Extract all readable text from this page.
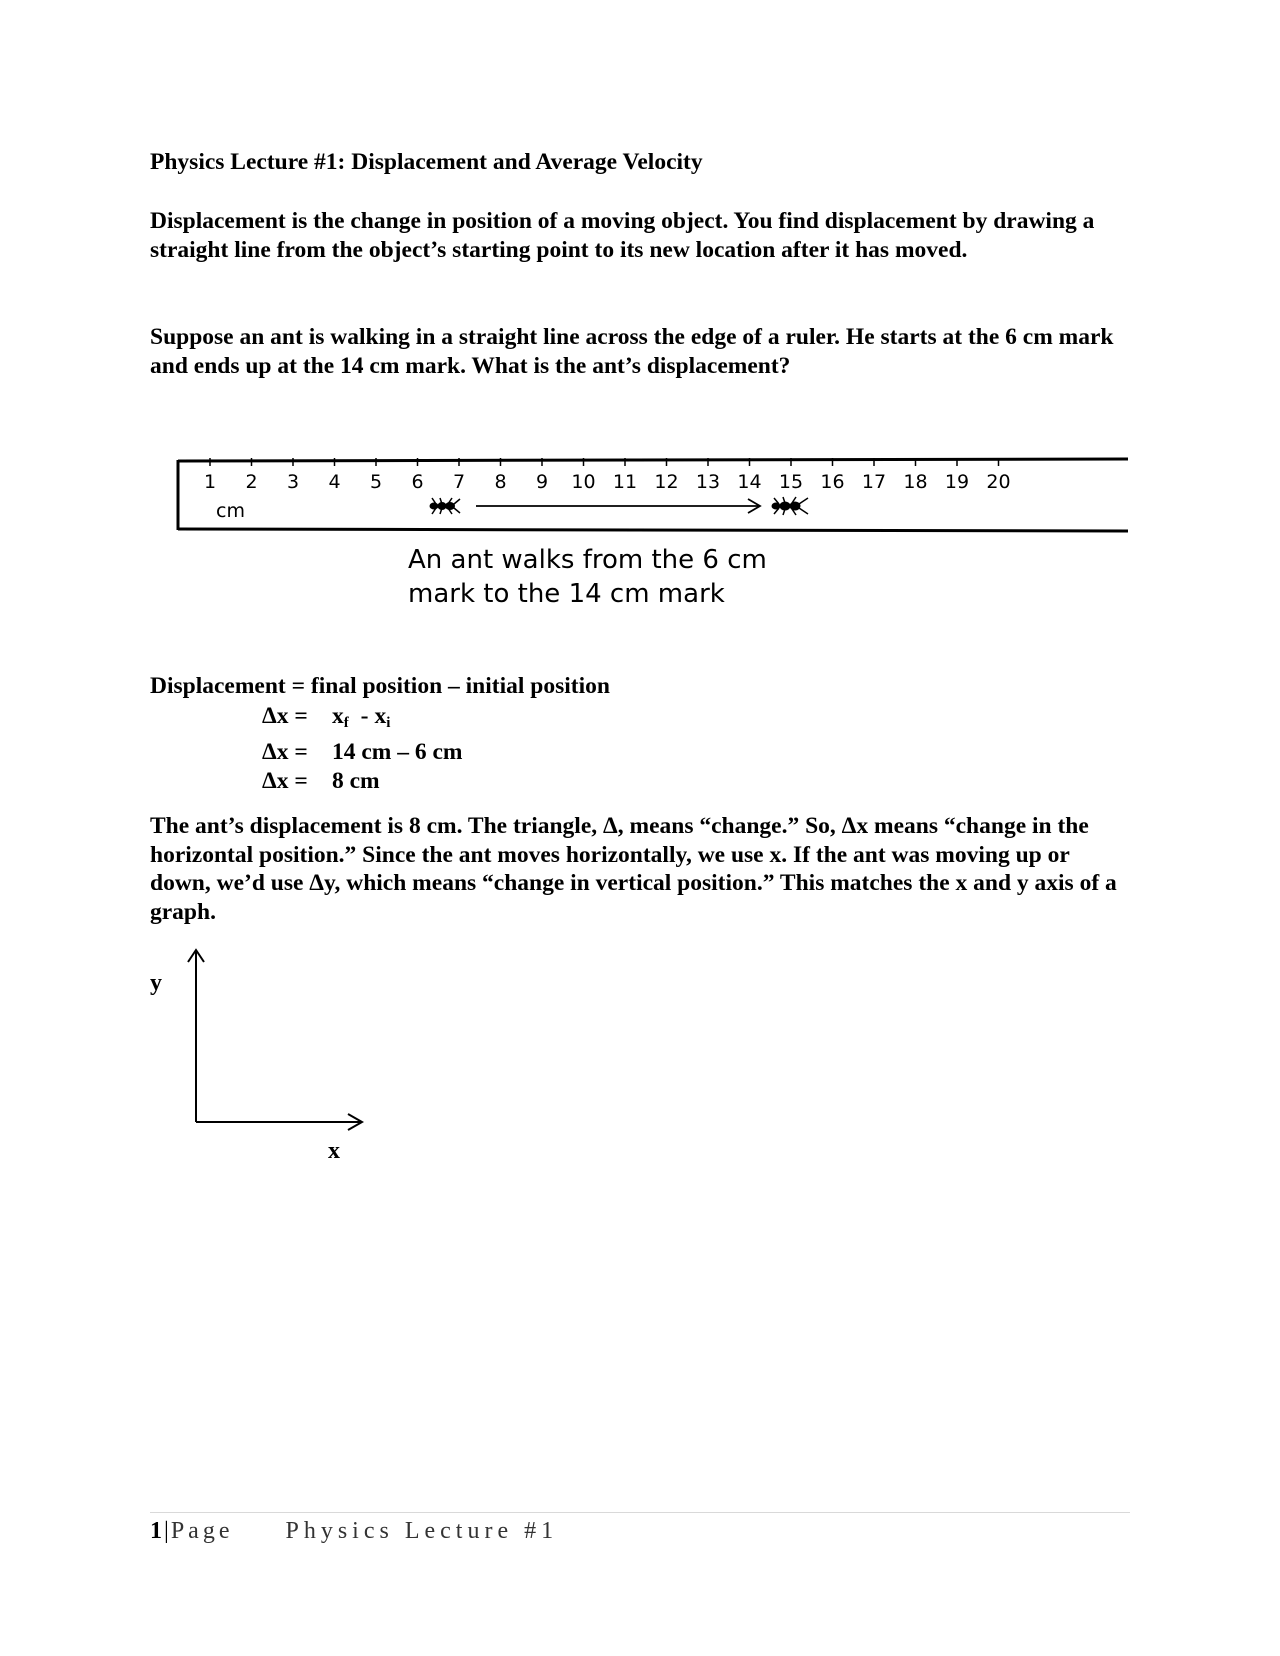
Physics Lecture #1: Displacement and Average Velocity
Displacement is the change in position of a moving object. You find displacement by drawing a straight line from the object’s starting point to its new location after it has moved.
Suppose an ant is walking in a straight line across the edge of a ruler. He starts at the 6 cm mark and ends up at the 14 cm mark. What is the ant’s displacement?
1 2 3 4 5 6 7 8 9 10 11 12 13 14 15 16 17 18 19 20
cm
An ant walks from the 6 cm
mark to the 14 cm mark
Displacement = final position – initial position
Δx = xf - xi
Δx = 14 cm – 6 cm
Δx = 8 cm
The ant’s displacement is 8 cm. The triangle, Δ, means “change.” So, Δx means “change in the horizontal position.” Since the ant moves horizontally, we use x. If the ant was moving up or down, we’d use Δy, which means “change in vertical position.” This matches the x and y axis of a graph.
y
x
1|Page Physics Lecture #1
